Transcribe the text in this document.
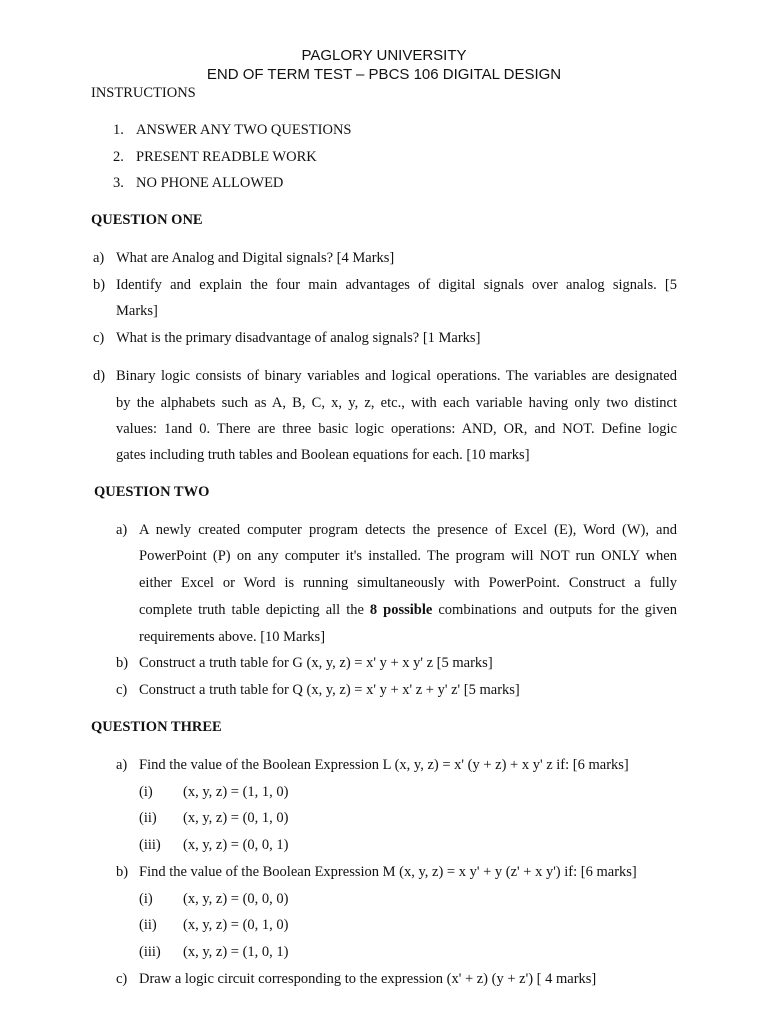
PAGLORY UNIVERSITY
END OF TERM TEST – PBCS 106 DIGITAL DESIGN
INSTRUCTIONS
1. ANSWER ANY TWO QUESTIONS
2. PRESENT READBLE WORK
3. NO PHONE ALLOWED
QUESTION ONE
a) What are Analog and Digital signals? [4 Marks]
b) Identify and explain the four main advantages of digital signals over analog signals. [5
Marks]
c) What is the primary disadvantage of analog signals? [1 Marks]
d) Binary logic consists of binary variables and logical operations. The variables are designated
by the alphabets such as A, B, C, x, y, z, etc., with each variable having only two distinct
values: 1and 0. There are three basic logic operations: AND, OR, and NOT. Define logic
gates including truth tables and Boolean equations for each. [10 marks]
QUESTION TWO
a) A newly created computer program detects the presence of Excel (E), Word (W), and
PowerPoint (P) on any computer it's installed. The program will NOT run ONLY when
either Excel or Word is running simultaneously with PowerPoint. Construct a fully
complete truth table depicting all the 8 possible combinations and outputs for the given
requirements above. [10 Marks]
b) Construct a truth table for G (x, y, z) = x' y + x y' z [5 marks]
c) Construct a truth table for Q (x, y, z) = x' y + x' z + y' z' [5 marks]
QUESTION THREE
a) Find the value of the Boolean Expression L (x, y, z) = x' (y + z) + x y' z if: [6 marks]
(i) (x, y, z) = (1, 1, 0)
(ii) (x, y, z) = (0, 1, 0)
(iii) (x, y, z) = (0, 0, 1)
b) Find the value of the Boolean Expression M (x, y, z) = x y' + y (z' + x y') if: [6 marks]
(i) (x, y, z) = (0, 0, 0)
(ii) (x, y, z) = (0, 1, 0)
(iii) (x, y, z) = (1, 0, 1)
c) Draw a logic circuit corresponding to the expression (x' + z) (y + z') [ 4 marks]
